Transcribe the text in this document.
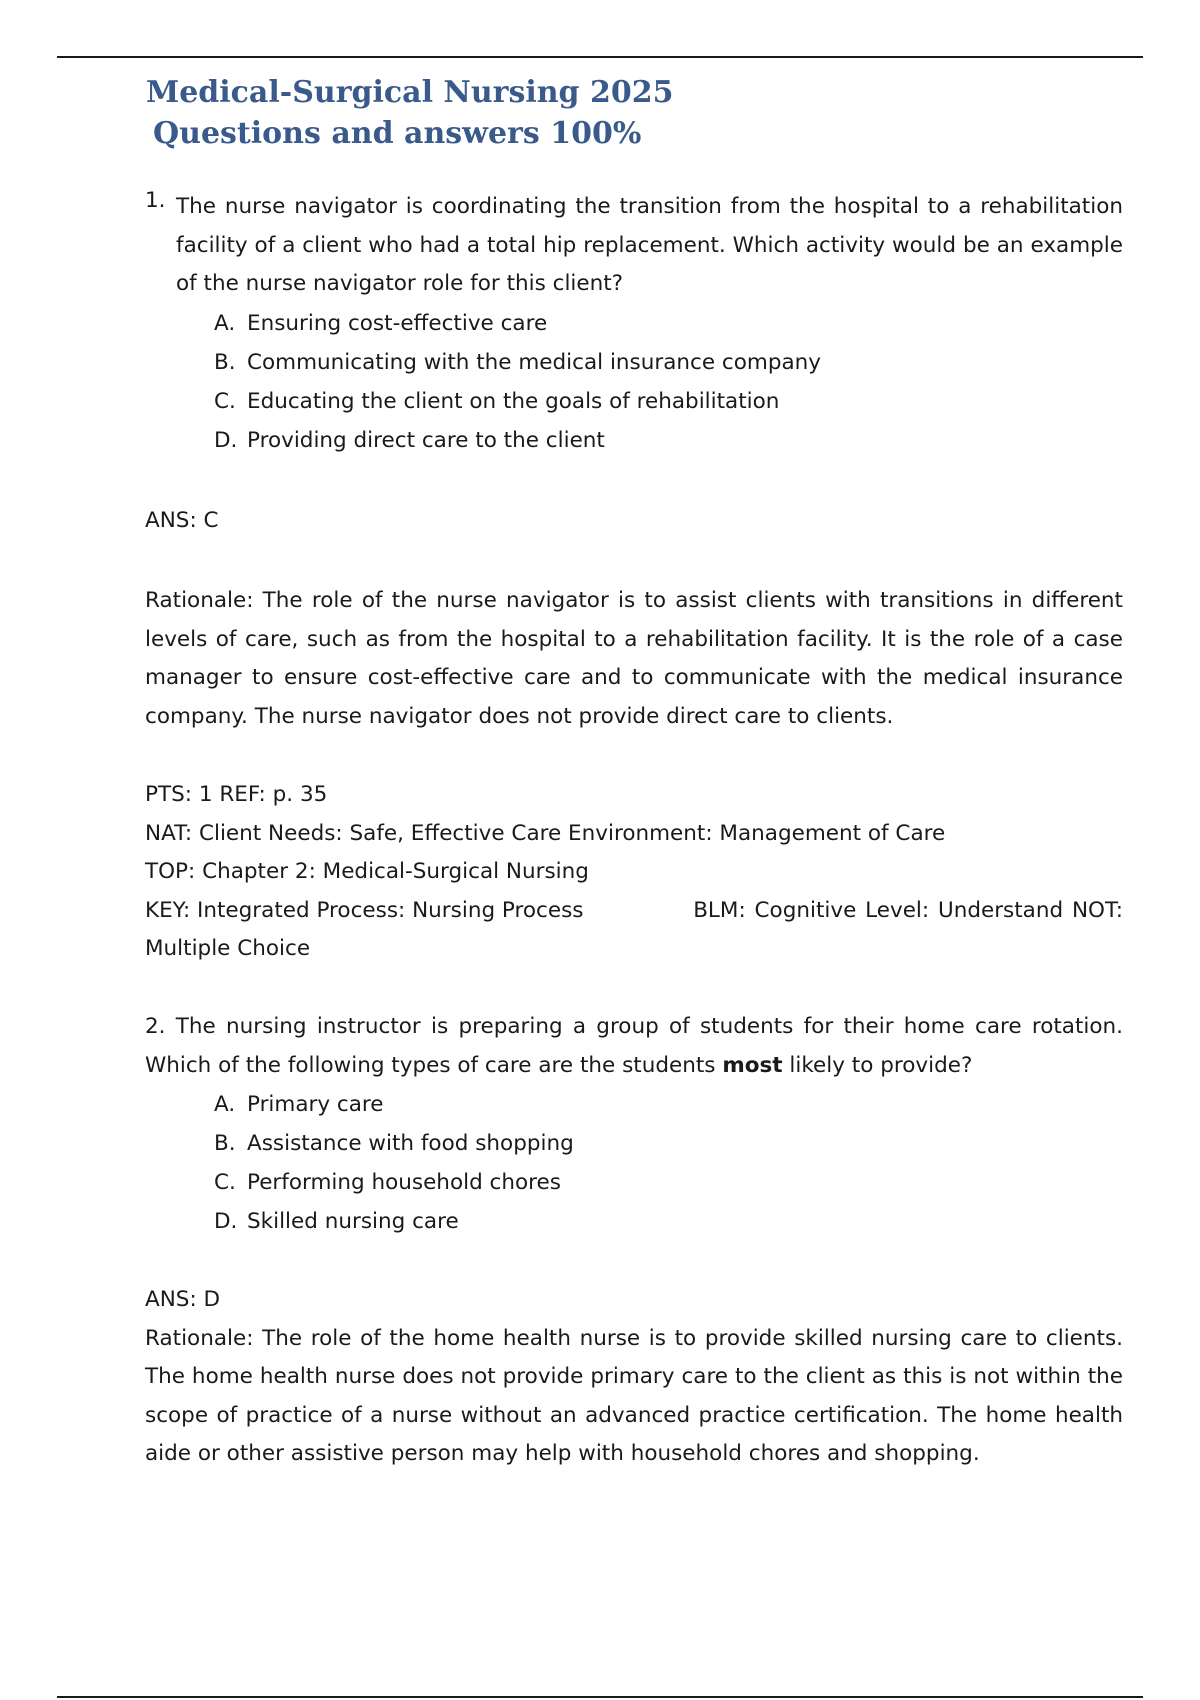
Medical-Surgical Nursing 2025
Questions and answers 100%
1. The nurse navigator is coordinating the transition from the hospital to a rehabilitation facility of a client who had a total hip replacement. Which activity would be an example of the nurse navigator role for this client?
A. Ensuring cost-effective care
B. Communicating with the medical insurance company
C. Educating the client on the goals of rehabilitation
D. Providing direct care to the client
ANS: C
Rationale: The role of the nurse navigator is to assist clients with transitions in different levels of care, such as from the hospital to a rehabilitation facility. It is the role of a case manager to ensure cost-effective care and to communicate with the medical insurance company. The nurse navigator does not provide direct care to clients.
PTS: 1 REF: p. 35
NAT: Client Needs: Safe, Effective Care Environment: Management of Care
TOP: Chapter 2: Medical-Surgical Nursing
KEY: Integrated Process: Nursing Process	BLM: Cognitive Level: Understand NOT:
Multiple Choice
2. The nursing instructor is preparing a group of students for their home care rotation. Which of the following types of care are the students most likely to provide?
A. Primary care
B. Assistance with food shopping
C. Performing household chores
D. Skilled nursing care
ANS: D
Rationale: The role of the home health nurse is to provide skilled nursing care to clients. The home health nurse does not provide primary care to the client as this is not within the scope of practice of a nurse without an advanced practice certification. The home health aide or other assistive person may help with household chores and shopping.
